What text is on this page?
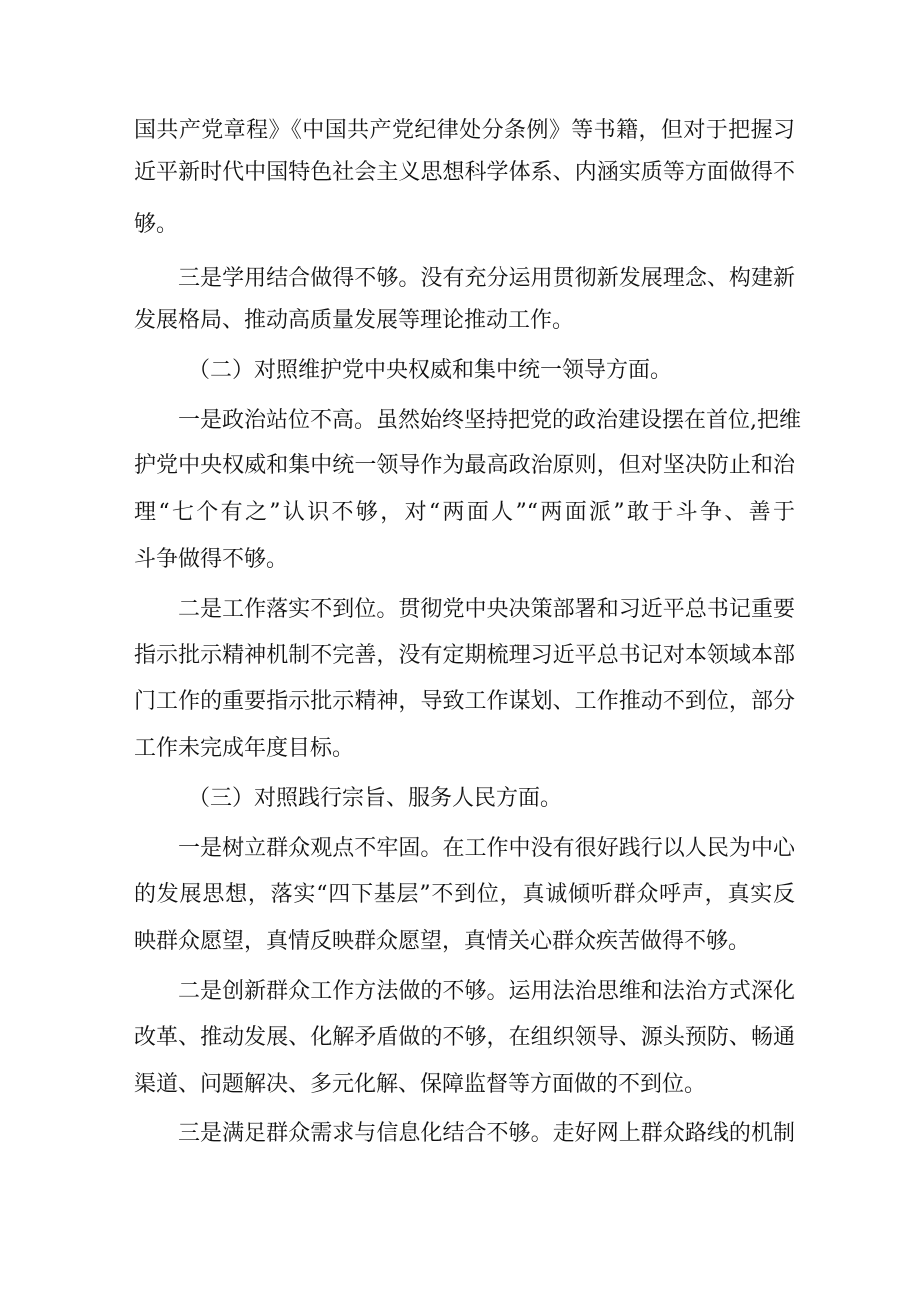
国共产党章程》《中国共产党纪律处分条例》等书籍，但对于把握习
近平新时代中国特色社会主义思想科学体系、内涵实质等方面做得不
够。
三是学用结合做得不够。没有充分运用贯彻新发展理念、构建新
发展格局、推动高质量发展等理论推动工作。
（二）对照维护党中央权威和集中统一领导方面。
一是政治站位不高。虽然始终坚持把党的政治建设摆在首位,把维
护党中央权威和集中统一领导作为最高政治原则，但对坚决防止和治
理“七个有之”认识不够，对“两面人”“两面派”敢于斗争、善于
斗争做得不够。
二是工作落实不到位。贯彻党中央决策部署和习近平总书记重要
指示批示精神机制不完善，没有定期梳理习近平总书记对本领域本部
门工作的重要指示批示精神，导致工作谋划、工作推动不到位，部分
工作未完成年度目标。
（三）对照践行宗旨、服务人民方面。
一是树立群众观点不牢固。在工作中没有很好践行以人民为中心
的发展思想，落实“四下基层”不到位，真诚倾听群众呼声，真实反
映群众愿望，真情反映群众愿望，真情关心群众疾苦做得不够。
二是创新群众工作方法做的不够。运用法治思维和法治方式深化
改革、推动发展、化解矛盾做的不够，在组织领导、源头预防、畅通
渠道、问题解决、多元化解、保障监督等方面做的不到位。
三是满足群众需求与信息化结合不够。走好网上群众路线的机制
